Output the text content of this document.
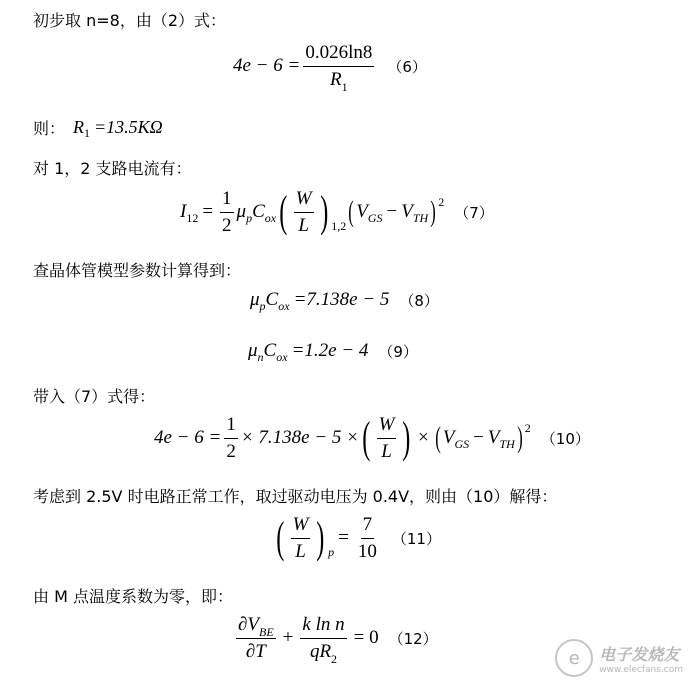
初步取 n=8，由（2）式：
$4e - 6 = \frac{0.026\ln 8}{R_1} (6)$
则： R 1 =13.5KΩ
对 1，2 支路电流有：
I $12 = \frac{1}{2}$ μ p C ox ( $\frac{W}{L}$ ) 1,2 ( V GS − V TH ) 2
（7）
查晶体管模型参数计算得到：
μ p C ox =7.138e − 5 （8）
μ n C ox =1.2e − 4 （9）
带入（7）式得：
$4e - 6 = \frac{1}{2} \times 7.138e - 5$ × ( $\frac{W}{L}$ ) × ( V GS − V TH ) 2
（10）
考虑到 2.5V 时电路正常工作，取过驱动电压为 0.4V，则由（10）解得：
( $\frac{W}{L}$ ) p
= $\frac{7}{10} (11)$
由 M 点温度系数为零，即：
$\frac{\partial V_{BE}}{\partial T} + \frac{\text{k ln n}}{qR_2} = 0$ （12）
e	电子发烧友
www.elecfans.com
